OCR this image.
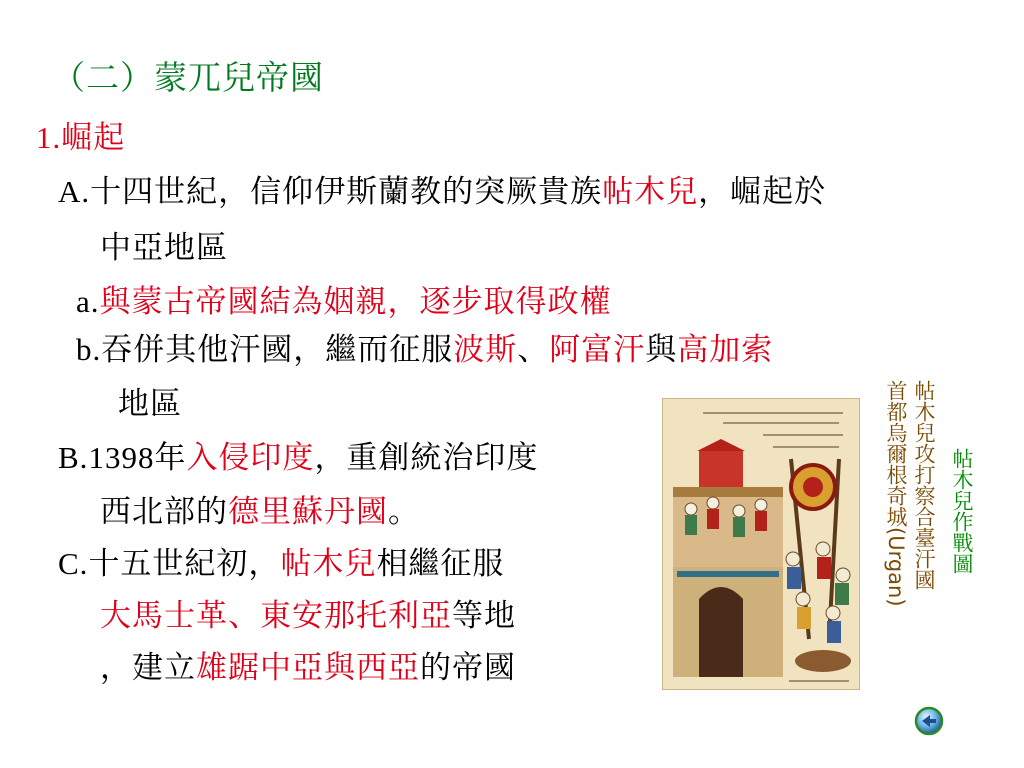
（二）蒙兀兒帝國
1.崛起
A.十四世紀，信仰伊斯蘭教的突厥貴族帖木兒，崛起於
中亞地區
a.與蒙古帝國結為姻親，逐步取得政權
b.吞併其他汗國，繼而征服波斯、阿富汗與高加索
地區
B.1398年入侵印度，重創統治印度
西北部的德里蘇丹國。
C.十五世紀初，帖木兒相繼征服
大馬士革、東安那托利亞等地
，建立雄踞中亞與西亞的帝國
首都烏爾根奇城(Urgan) 帖木兒攻打察合臺汗國 帖木兒作戰圖
